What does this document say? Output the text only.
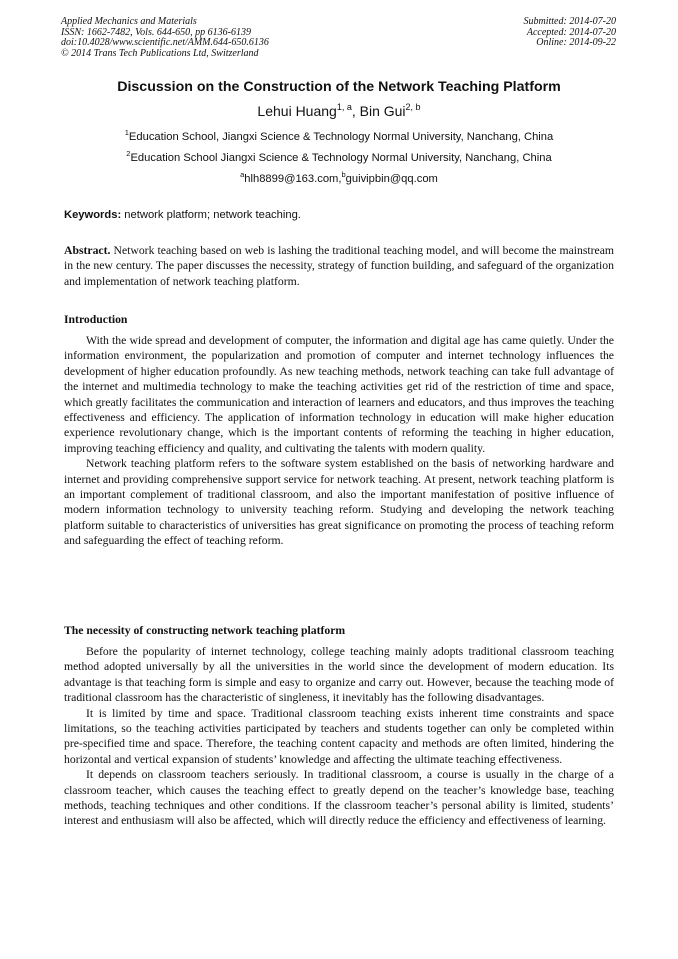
Applied Mechanics and Materials
ISSN: 1662-7482, Vols. 644-650, pp 6136-6139
doi:10.4028/www.scientific.net/AMM.644-650.6136
© 2014 Trans Tech Publications Ltd, Switzerland
Submitted: 2014-07-20
Accepted: 2014-07-20
Online: 2014-09-22
Discussion on the Construction of the Network Teaching Platform
Lehui Huang$^{1, a}$, Bin Gui$^{2, b}$
$^1$Education School, Jiangxi Science & Technology Normal University, Nanchang, China
$^2$Education School Jiangxi Science & Technology Normal University, Nanchang, China
$^a$hlh8899@163.com,$^b$guivipbin@qq.com
Keywords: network platform; network teaching.
Abstract. Network teaching based on web is lashing the traditional teaching model, and will become the mainstream in the new century. The paper discusses the necessity, strategy of function building, and safeguard of the organization and implementation of network teaching platform.
Introduction

With the wide spread and development of computer, the information and digital age has came quietly. Under the information environment, the popularization and promotion of computer and internet technology influences the development of higher education profoundly. As new teaching methods, network teaching can take full advantage of the internet and multimedia technology to make the teaching activities get rid of the restriction of time and space, which greatly facilitates the communication and interaction of learners and educators, and thus improves the teaching effectiveness and efficiency. The application of information technology in education will make higher education experience revolutionary change, which is the important contents of reforming the teaching in higher education, improving teaching efficiency and quality, and cultivating the talents with modern quality.

Network teaching platform refers to the software system established on the basis of networking hardware and internet and providing comprehensive support service for network teaching. At present, network teaching platform is an important complement of traditional classroom, and also the important manifestation of positive influence of modern information technology to university teaching reform. Studying and developing the network teaching platform suitable to characteristics of universities has great significance on promoting the process of teaching reform and safeguarding the effect of teaching reform.

The necessity of constructing network teaching platform

Before the popularity of internet technology, college teaching mainly adopts traditional classroom teaching method adopted universally by all the universities in the world since the development of modern education. Its advantage is that teaching form is simple and easy to organize and carry out. However, because the teaching mode of traditional classroom has the characteristic of singleness, it inevitably has the following disadvantages.

It is limited by time and space. Traditional classroom teaching exists inherent time constraints and space limitations, so the teaching activities participated by teachers and students together can only be completed within pre-specified time and space. Therefore, the teaching content capacity and methods are often limited, hindering the horizontal and vertical expansion of students’ knowledge and affecting the ultimate teaching effectiveness.

It depends on classroom teachers seriously. In traditional classroom, a course is usually in the charge of a classroom teacher, which causes the teaching effect to greatly depend on the teacher’s knowledge base, teaching methods, teaching techniques and other conditions. If the classroom teacher’s personal ability is limited, students’ interest and enthusiasm will also be affected, which will directly reduce the efficiency and effectiveness of learning.
